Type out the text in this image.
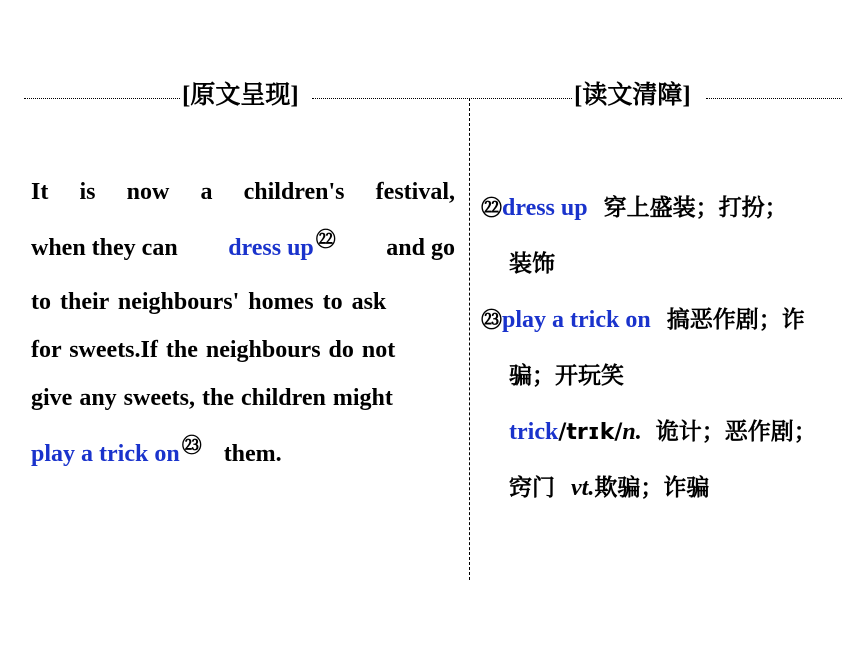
[原文呈现]	[读文清障]
It is now a children's festival,
when they can dress up $^㉒$ and go
to their neighbours' homes to ask
for sweets.If the neighbours do not
give any sweets, the children might
play a trick on $^㉓$ them.
㉒dress up 穿上盛装；打扮；
装饰
㉓play a trick on 搞恶作剧；诈
骗；开玩笑
trick/trɪk/n. 诡计；恶作剧；
窍门 vt.欺骗；诈骗
